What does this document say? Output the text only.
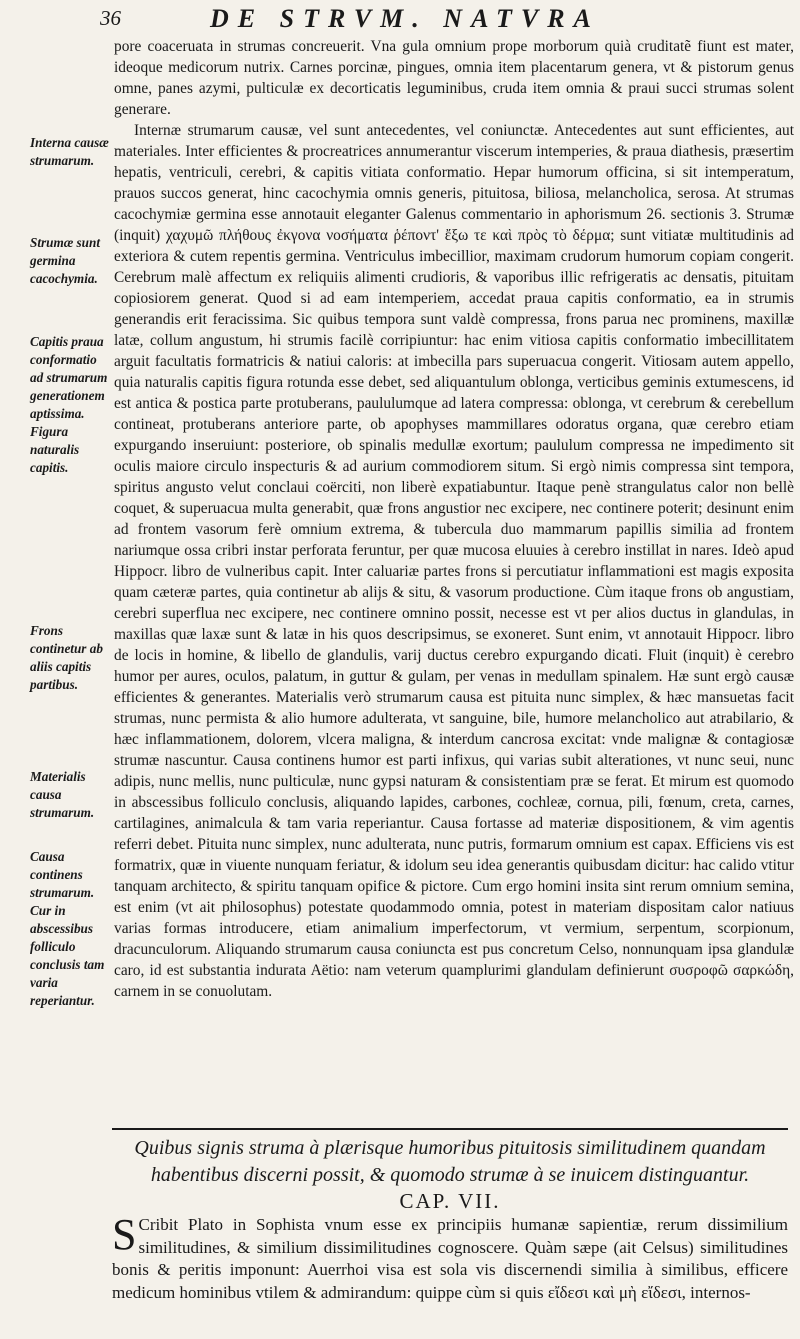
36	DE STRVM. NATVRA

pore coaceruata in strumas concreuerit. Vna gula omnium prope morborum quià cruditatẽ fiunt est mater, ideoque medicorum nutrix. Carnes porcinæ, pingues, omnia item placentarum genera, vt & pistorum genus omne, panes azymi, pulticulæ ex decorticatis leguminibus, cruda item omnia & praui succi strumas solent generare.

Internæ strumarum causæ, vel sunt antecedentes, vel coniunctæ. Antecedentes aut sunt efficientes, aut materiales. Inter efficientes & procreatrices annumerantur viscerum intemperies, & praua diathesis, præsertim hepatis, ventriculi, cerebri, & capitis vitiata conformatio. Hepar humorum officina, si sit intemperatum, prauos succos generat, hinc cacochymia omnis generis, pituitosa, biliosa, melancholica, serosa. At strumas cacochymiæ germina esse annotauit eleganter Galenus commentario in aphorismum 26. sectionis 3. Strumæ (inquit) χαχυμῶ πλήθους ἐκγονα νοσήματα ῥέποντ' ἔξω τε καὶ πρὸς τὸ δέρμα; sunt vitiatæ multitudinis ad exteriora & cutem repentis germina. Ventriculus imbecillior, maximam crudorum humorum copiam congerit. Cerebrum malè affectum ex reliquiis alimenti crudioris, & vaporibus illic refrigeratis ac densatis, pituitam copiosiorem generat. Quod si ad eam intemperiem, accedat praua capitis conformatio, ea in strumis generandis erit feracissima. Sic quibus tempora sunt valdè compressa, frons parua nec prominens, maxillæ latæ, collum angustum, hi strumis facilè corripiuntur: hac enim vitiosa capitis conformatio imbecillitatem arguit facultatis formatricis & natiui caloris: at imbecilla pars superuacua congerit. Vitiosam autem appello, quia naturalis capitis figura rotunda esse debet, sed aliquantulum oblonga, verticibus geminis extumescens, id est antica & postica parte protuberans, paululumque ad latera compressa: oblonga, vt cerebrum & cerebellum contineat, protuberans anteriore parte, ob apophyses mammillares odoratus organa, quæ cerebro etiam expurgando inseruiunt: posteriore, ob spinalis medullæ exortum; paululum compressa ne impedimento sit oculis maiore circulo inspecturis & ad aurium commodiorem situm. Si ergò nimis compressa sint tempora, spiritus angusto velut conclaui coërciti, non liberè expatiabuntur. Itaque penè strangulatus calor non bellè coquet, & superuacua multa generabit, quæ frons angustior nec excipere, nec continere poterit; desinunt enim ad frontem vasorum ferè omnium extrema, & tubercula duo mammarum papillis similia ad frontem nariumque ossa cribri instar perforata feruntur, per quæ mucosa eluuies à cerebro instillat in nares. Ideò apud Hippocr. libro de vulneribus capit. Inter caluariæ partes frons si percutiatur inflammationi est magis exposita quam cæteræ partes, quia continetur ab alijs & situ, & vasorum productione. Cùm itaque frons ob angustiam, cerebri superflua nec excipere, nec continere omnino possit, necesse est vt per alios ductus in glandulas, in maxillas quæ laxæ sunt & latæ in his quos descripsimus, se exoneret. Sunt enim, vt annotauit Hippocr. libro de locis in homine, & libello de glandulis, varij ductus cerebro expurgando dicati. Fluit (inquit) è cerebro humor per aures, oculos, palatum, in guttur & gulam, per venas in medullam spinalem. Hæ sunt ergò causæ efficientes & generantes. Materialis verò strumarum causa est pituita nunc simplex, & hæc mansuetas facit strumas, nunc permista & alio humore adulterata, vt sanguine, bile, humore melancholico aut atrabilario, & hæc inflammationem, dolorem, vlcera maligna, & interdum cancrosa excitat: vnde malignæ & contagiosæ strumæ nascuntur. Causa continens humor est parti infixus, qui varias subit alterationes, vt nunc seui, nunc adipis, nunc mellis, nunc pulticulæ, nunc gypsi naturam & consistentiam præ se ferat. Et mirum est quomodo in abscessibus folliculo conclusis, aliquando lapides, carbones, cochleæ, cornua, pili, fœnum, creta, carnes, cartilagines, animalcula & tam varia reperiantur. Causa fortasse ad materiæ dispositionem, & vim agentis referri debet. Pituita nunc simplex, nunc adulterata, nunc putris, formarum omnium est capax. Efficiens vis est formatrix, quæ in viuente nunquam feriatur, & idolum seu idea generantis quibusdam dicitur: hac calido vtitur tanquam architecto, & spiritu tanquam opifice & pictore. Cum ergo homini insita sint rerum omnium semina, est enim (vt ait philosophus) potestate quodammodo omnia, potest in materiam dispositam calor natiuus varias formas introducere, etiam animalium imperfectorum, vt vermium, serpentum, scorpionum, dracunculorum. Aliquando strumarum causa coniuncta est pus concretum Celso, nonnunquam ipsa glandulæ caro, id est substantia indurata Aëtio: nam veterum quamplurimi glandulam definierunt συσροφῶ σαρκώδη, carnem in se conuolutam.

Interna causæ strumarum.
Strumæ sunt germina cacochymia.
Capitis praua conformatio ad strumarum generationem aptissima. Figura naturalis capitis.
Frons continetur ab aliis capitis partibus.
Materialis causa strumarum.
Causa continens strumarum. Cur in abscessibus folliculo conclusis tam varia reperiantur.
Quibus signis struma à plærisque humoribus pituitosis similitudinem quandam habentibus discerni possit, & quomodo strumæ à se inuicem distinguantur.
CAP. VII.
S Cribit Plato in Sophista vnum esse ex principiis humanæ sapientiæ, rerum dissimilium similitudines, & similium dissimilitudines cognoscere. Quàm sæpe (ait Celsus) similitudines bonis & peritis imponunt: Auerrhoi visa est sola vis discernendi similia à similibus, efficere medicum hominibus vtilem & admirandum: quippe cùm si quis εἴδεσι καὶ μὴ εἴδεσι, internos-
